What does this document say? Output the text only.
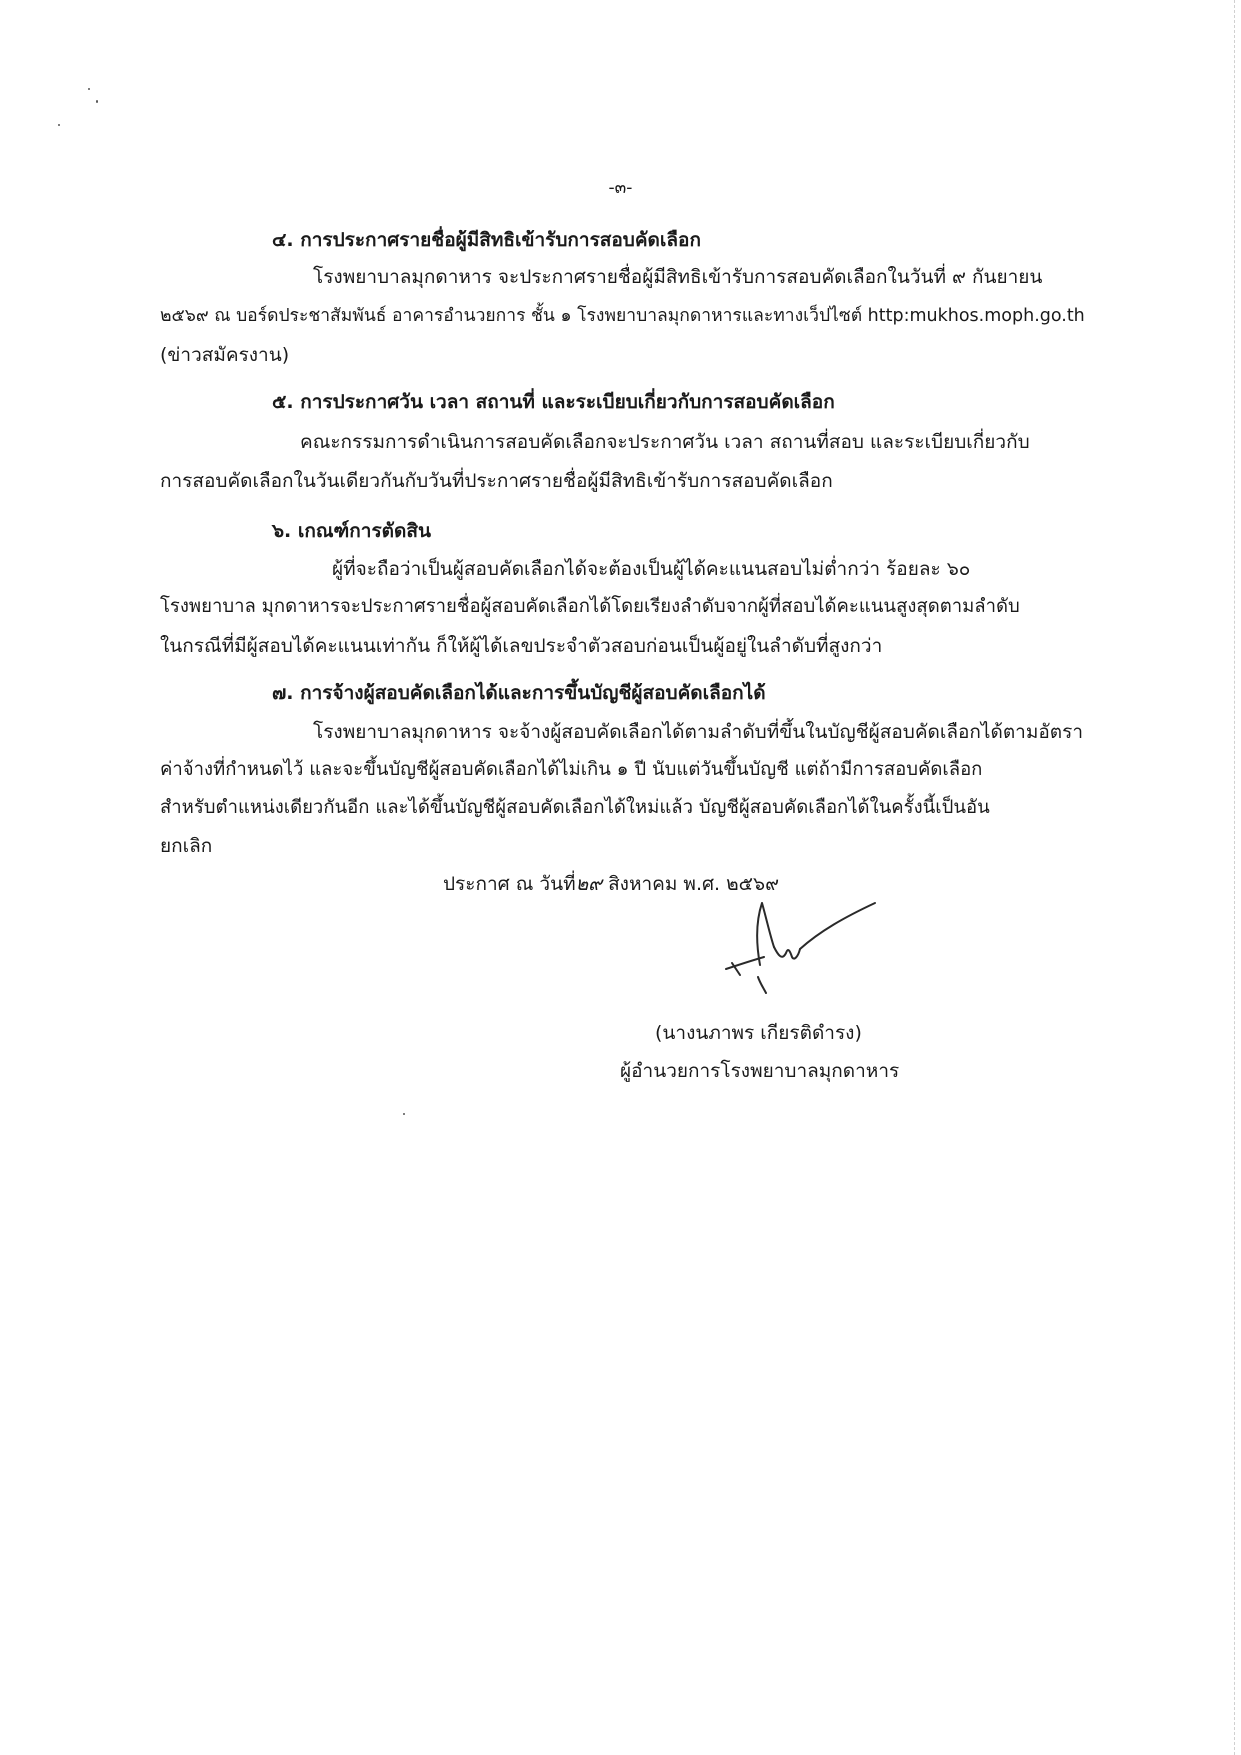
-๓-
๔. การประกาศรายชื่อผู้มีสิทธิเข้ารับการสอบคัดเลือก
โรงพยาบาลมุกดาหาร จะประกาศรายชื่อผู้มีสิทธิเข้ารับการสอบคัดเลือกในวันที่ ๙ กันยายน
๒๕๖๙ ณ บอร์ดประชาสัมพันธ์ อาคารอำนวยการ ชั้น ๑ โรงพยาบาลมุกดาหารและทางเว็ปไซต์ http:mukhos.moph.go.th
(ข่าวสมัครงาน)
๕. การประกาศวัน เวลา สถานที่ และระเบียบเกี่ยวกับการสอบคัดเลือก
คณะกรรมการดำเนินการสอบคัดเลือกจะประกาศวัน เวลา สถานที่สอบ และระเบียบเกี่ยวกับ
การสอบคัดเลือกในวันเดียวกันกับวันที่ประกาศรายชื่อผู้มีสิทธิเข้ารับการสอบคัดเลือก
๖. เกณฑ์การตัดสิน
ผู้ที่จะถือว่าเป็นผู้สอบคัดเลือกได้จะต้องเป็นผู้ได้คะแนนสอบไม่ต่ำกว่า ร้อยละ ๖๐
โรงพยาบาล มุกดาหารจะประกาศรายชื่อผู้สอบคัดเลือกได้โดยเรียงลำดับจากผู้ที่สอบได้คะแนนสูงสุดตามลำดับ
ในกรณีที่มีผู้สอบได้คะแนนเท่ากัน ก็ให้ผู้ได้เลขประจำตัวสอบก่อนเป็นผู้อยู่ในลำดับที่สูงกว่า
๗. การจ้างผู้สอบคัดเลือกได้และการขึ้นบัญชีผู้สอบคัดเลือกได้
โรงพยาบาลมุกดาหาร จะจ้างผู้สอบคัดเลือกได้ตามลำดับที่ขึ้นในบัญชีผู้สอบคัดเลือกได้ตามอัตรา
ค่าจ้างที่กำหนดไว้ และจะขึ้นบัญชีผู้สอบคัดเลือกได้ไม่เกิน ๑ ปี นับแต่วันขึ้นบัญชี แต่ถ้ามีการสอบคัดเลือก
สำหรับตำแหน่งเดียวกันอีก และได้ขึ้นบัญชีผู้สอบคัดเลือกได้ใหม่แล้ว บัญชีผู้สอบคัดเลือกได้ในครั้งนี้เป็นอัน
ยกเลิก
ประกาศ ณ วันที่๒๙ สิงหาคม พ.ศ. ๒๕๖๙
(นางนภาพร เกียรติดำรง)
ผู้อำนวยการโรงพยาบาลมุกดาหาร
